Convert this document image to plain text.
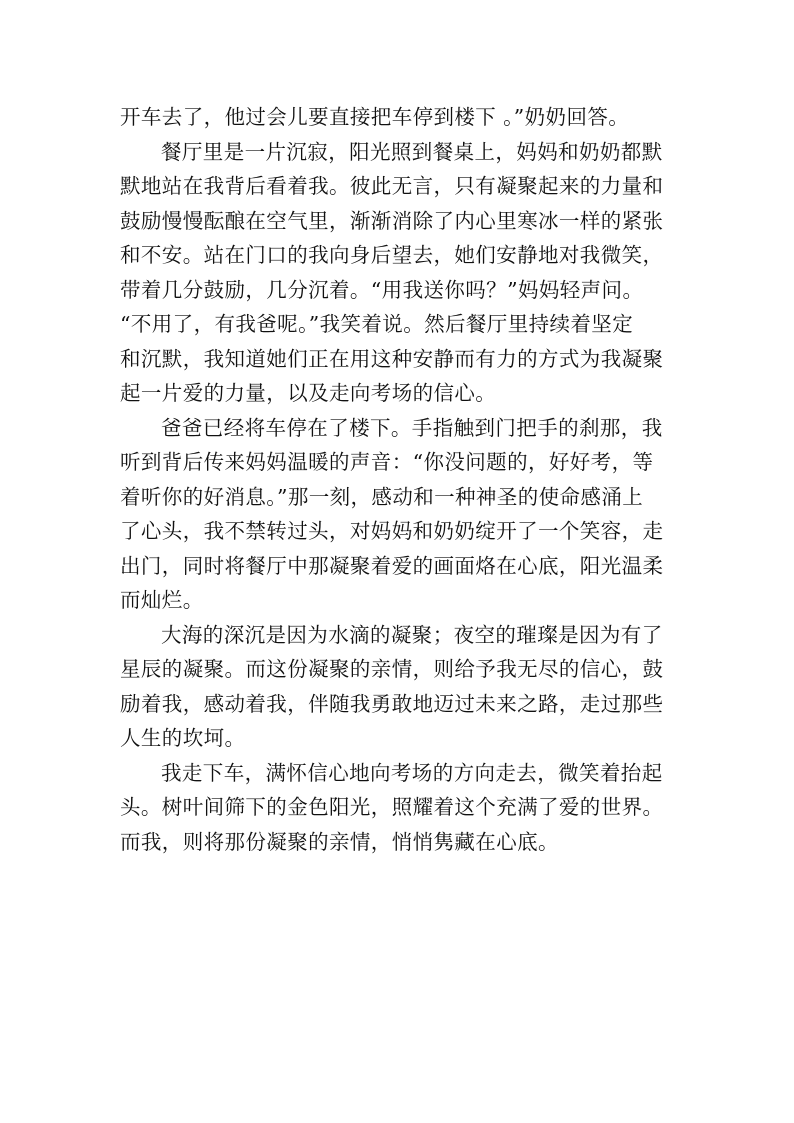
开车去了，他过会儿要直接把车停到楼下 。”奶奶回答。
餐厅里是一片沉寂，阳光照到餐桌上，妈妈和奶奶都默
默地站在我背后看着我。彼此无言，只有凝聚起来的力量和
鼓励慢慢酝酿在空气里，渐渐消除了内心里寒冰一样的紧张
和不安。站在门口的我向身后望去，她们安静地对我微笑，
带着几分鼓励，几分沉着。“用我送你吗？”妈妈轻声问。
“不用了，有我爸呢。”我笑着说。然后餐厅里持续着坚定
和沉默，我知道她们正在用这种安静而有力的方式为我凝聚
起一片爱的力量，以及走向考场的信心。
爸爸已经将车停在了楼下。手指触到门把手的刹那，我
听到背后传来妈妈温暖的声音：“你没问题的，好好考，等
着听你的好消息。”那一刻，感动和一种神圣的使命感涌上
了心头，我不禁转过头，对妈妈和奶奶绽开了一个笑容，走
出门，同时将餐厅中那凝聚着爱的画面烙在心底，阳光温柔
而灿烂。
大海的深沉是因为水滴的凝聚；夜空的璀璨是因为有了
星辰的凝聚。而这份凝聚的亲情，则给予我无尽的信心，鼓
励着我，感动着我，伴随我勇敢地迈过未来之路，走过那些
人生的坎坷。
我走下车，满怀信心地向考场的方向走去，微笑着抬起
头。树叶间筛下的金色阳光，照耀着这个充满了爱的世界。
而我，则将那份凝聚的亲情，悄悄隽藏在心底。
